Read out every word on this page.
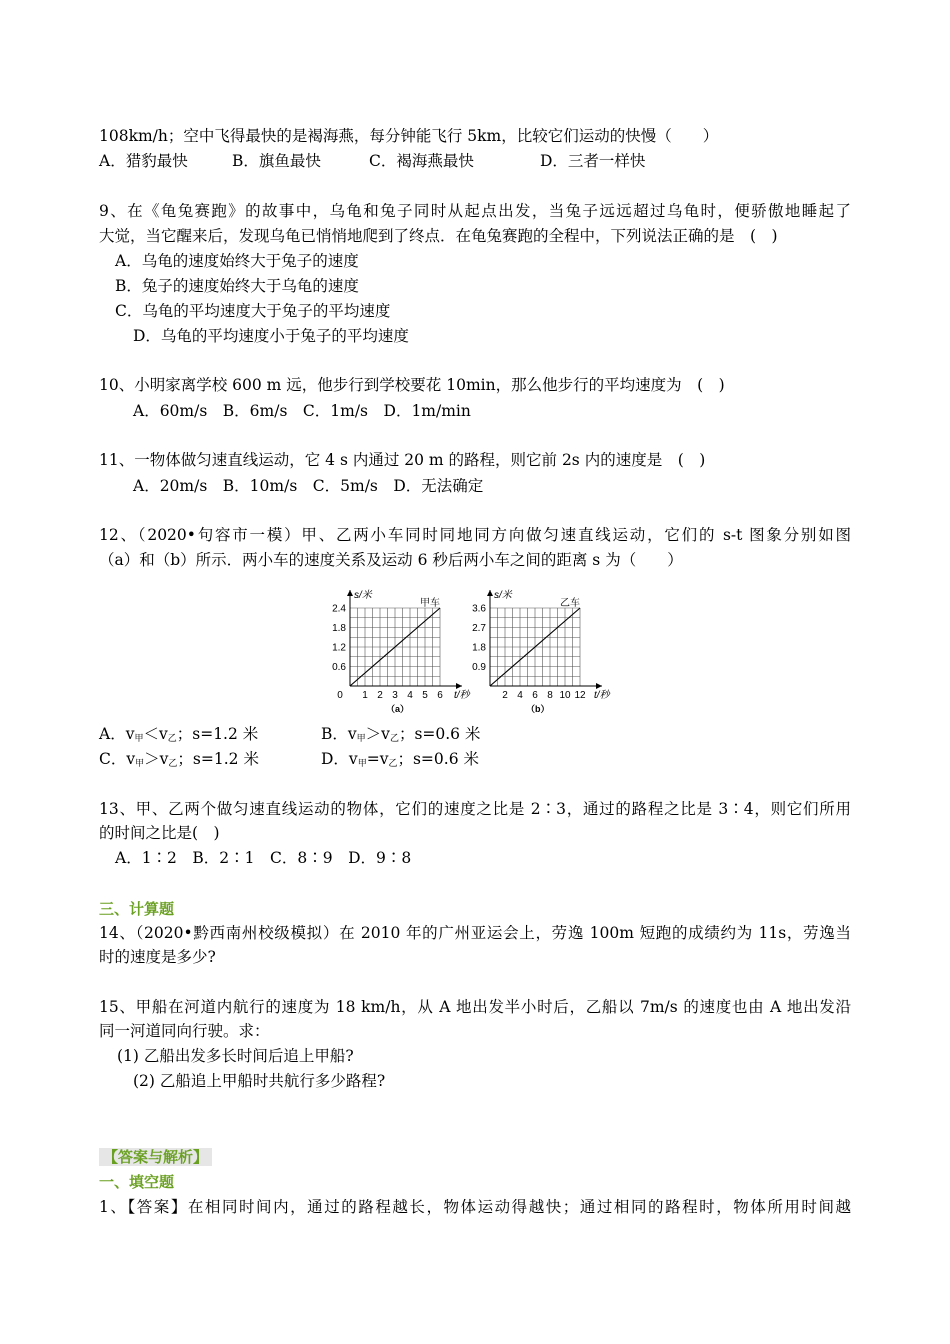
108km/h；空中飞得最快的是褐海燕，每分钟能飞行 5km，比较它们运动的快慢（　　）
A．猎豹最快	B．旗鱼最快	C．褐海燕最快	D．三者一样快
9、在《龟兔赛跑》的故事中，乌龟和兔子同时从起点出发，当兔子远远超过乌龟时，便骄傲地睡起了
大觉，当它醒来后，发现乌龟已悄悄地爬到了终点．在龟兔赛跑的全程中，下列说法正确的是　(　)
A．乌龟的速度始终大于兔子的速度
B．兔子的速度始终大于乌龟的速度
C．乌龟的平均速度大于兔子的平均速度
D．乌龟的平均速度小于兔子的平均速度
10、小明家离学校 600 m 远，他步行到学校要花 10min，那么他步行的平均速度为　(　)
A．60m/s　B．6m/s　C．1m/s　D．1m/min
11、一物体做匀速直线运动，它 4 s 内通过 20 m 的路程，则它前 2s 内的速度是　(　)
A．20m/s　B．10m/s　C．5m/s　D．无法确定
12、（2020•句容市一模）甲、乙两小车同时同地同方向做匀速直线运动，它们的 s-t 图象分别如图
（a）和（b）所示．两小车的速度关系及运动 6 秒后两小车之间的距离 s 为（　　）
0.6
1.2
1.8
2.4
0 1 2 3 4 5 6
s/米
t/秒
甲车
（a）
0.9
1.8
2.7
3.6
2 4 6 8 10 12
s/米
t/秒
乙车
（b）
A．$v_甲<v_乙$；s=1.2 米	B．$v_甲>v_乙$；s=0.6 米
C．$v_甲>v_乙$；s=1.2 米	D．$v_甲=v_乙$；s=0.6 米
13、甲、乙两个做匀速直线运动的物体，它们的速度之比是 2∶3，通过的路程之比是 3∶4，则它们所用
的时间之比是(　)
A．1∶2　B．2∶1　C．8∶9　D．9∶8
三、计算题
14、（2020•黔西南州校级模拟）在 2010 年的广州亚运会上，劳逸 100m 短跑的成绩约为 11s，劳逸当
时的速度是多少?
15、甲船在河道内航行的速度为 18 km/h，从 A 地出发半小时后，乙船以 7m/s 的速度也由 A 地出发沿
同一河道同向行驶。求：
(1) 乙船出发多长时间后追上甲船?
(2) 乙船追上甲船时共航行多少路程?
【答案与解析】
一、填空题
1、【答案】在相同时间内，通过的路程越长，物体运动得越快；通过相同的路程时，物体所用时间越
